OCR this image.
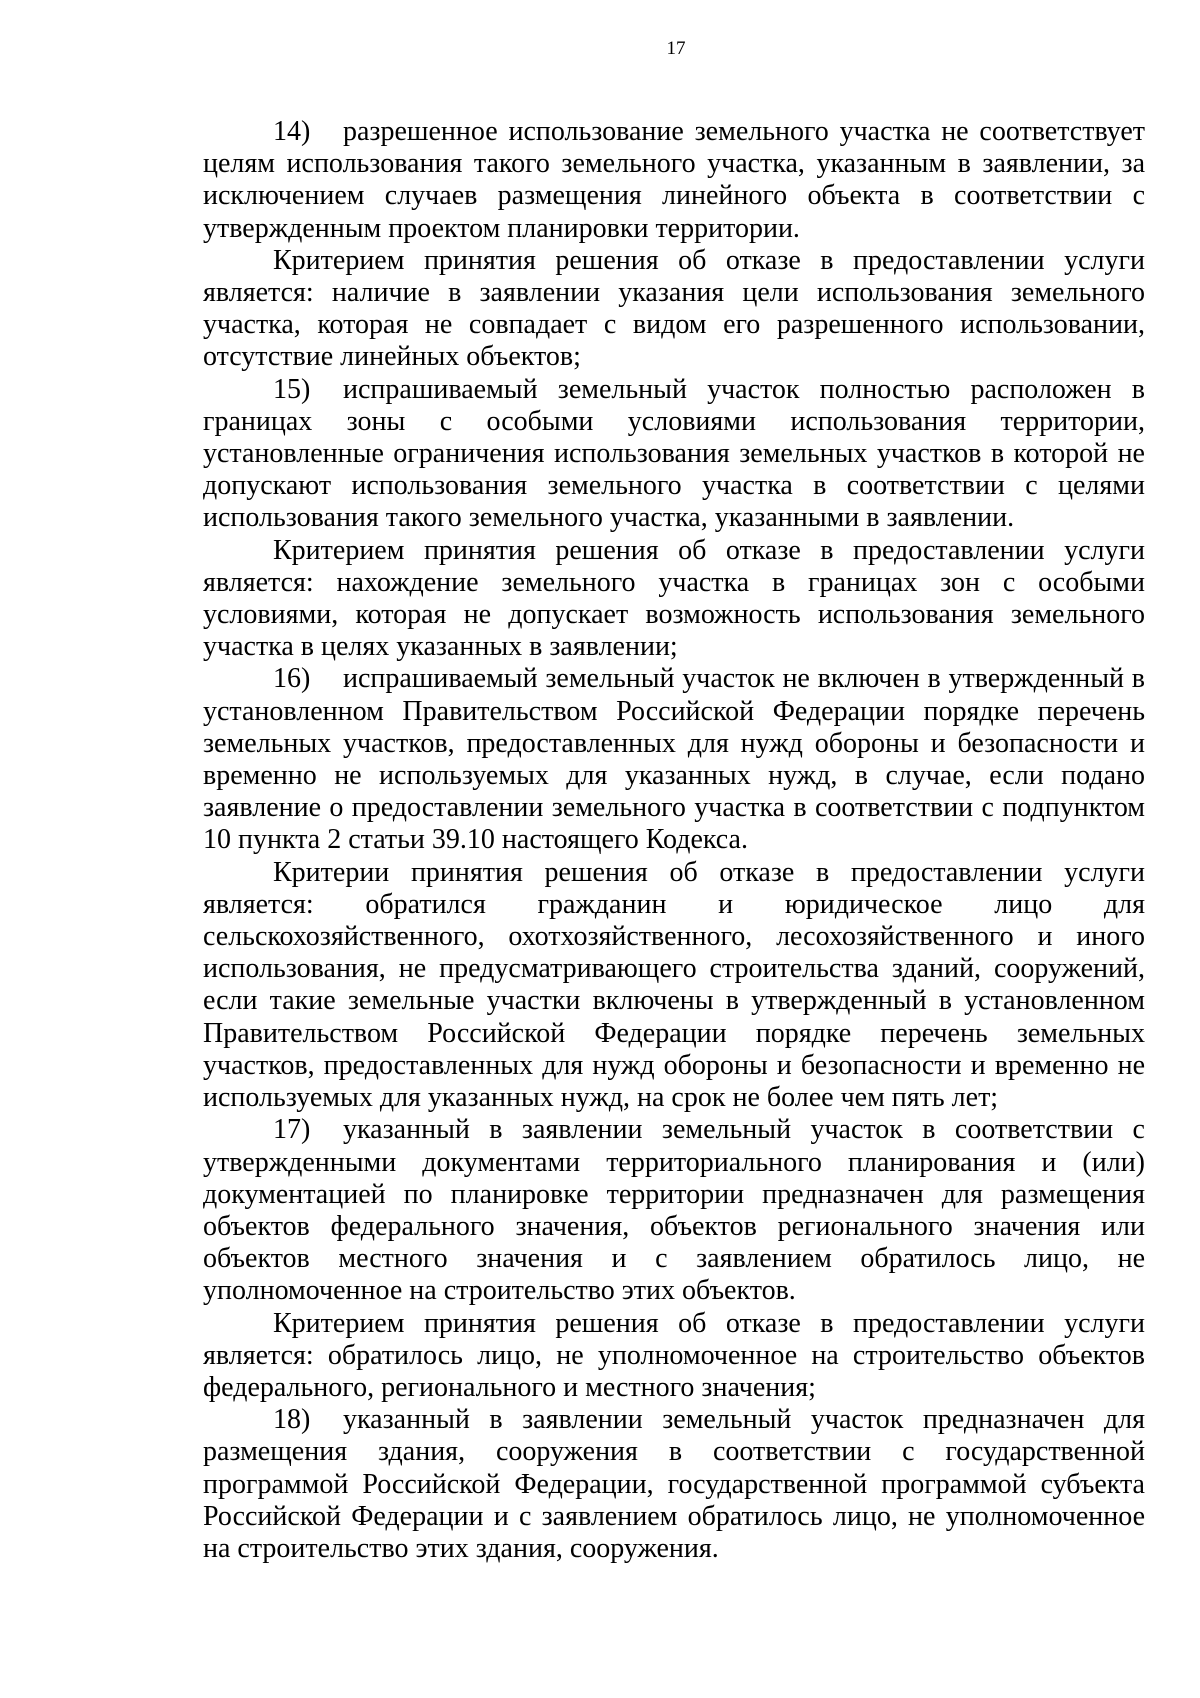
17

14) разрешенное использование земельного участка не соответствует целям использования такого земельного участка, указанным в заявлении, за исключением случаев размещения линейного объекта в соответствии с утвержденным проектом планировки территории.

Критерием принятия решения об отказе в предоставлении услуги является: наличие в заявлении указания цели использования земельного участка, которая не совпадает с видом его разрешенного использовании, отсутствие линейных объектов;

15) испрашиваемый земельный участок полностью расположен в границах зоны с особыми условиями использования территории, установленные ограничения использования земельных участков в которой не допускают использования земельного участка в соответствии с целями использования такого земельного участка, указанными в заявлении.

Критерием принятия решения об отказе в предоставлении услуги является: нахождение земельного участка в границах зон с особыми условиями, которая не допускает возможность использования земельного участка в целях указанных в заявлении;

16) испрашиваемый земельный участок не включен в утвержденный в установленном Правительством Российской Федерации порядке перечень земельных участков, предоставленных для нужд обороны и безопасности и временно не используемых для указанных нужд, в случае, если подано заявление о предоставлении земельного участка в соответствии с подпунктом 10 пункта 2 статьи 39.10 настоящего Кодекса.

Критерии принятия решения об отказе в предоставлении услуги является: обратился гражданин и юридическое лицо для сельскохозяйственного, охотхозяйственного, лесохозяйственного и иного использования, не предусматривающего строительства зданий, сооружений, если такие земельные участки включены в утвержденный в установленном Правительством Российской Федерации порядке перечень земельных участков, предоставленных для нужд обороны и безопасности и временно не используемых для указанных нужд, на срок не более чем пять лет;

17) указанный в заявлении земельный участок в соответствии с утвержденными документами территориального планирования и (или) документацией по планировке территории предназначен для размещения объектов федерального значения, объектов регионального значения или объектов местного значения и с заявлением обратилось лицо, не уполномоченное на строительство этих объектов.

Критерием принятия решения об отказе в предоставлении услуги является: обратилось лицо, не уполномоченное на строительство объектов федерального, регионального и местного значения;

18) указанный в заявлении земельный участок предназначен для размещения здания, сооружения в соответствии с государственной программой Российской Федерации, государственной программой субъекта Российской Федерации и с заявлением обратилось лицо, не уполномоченное на строительство этих здания, сооружения.
